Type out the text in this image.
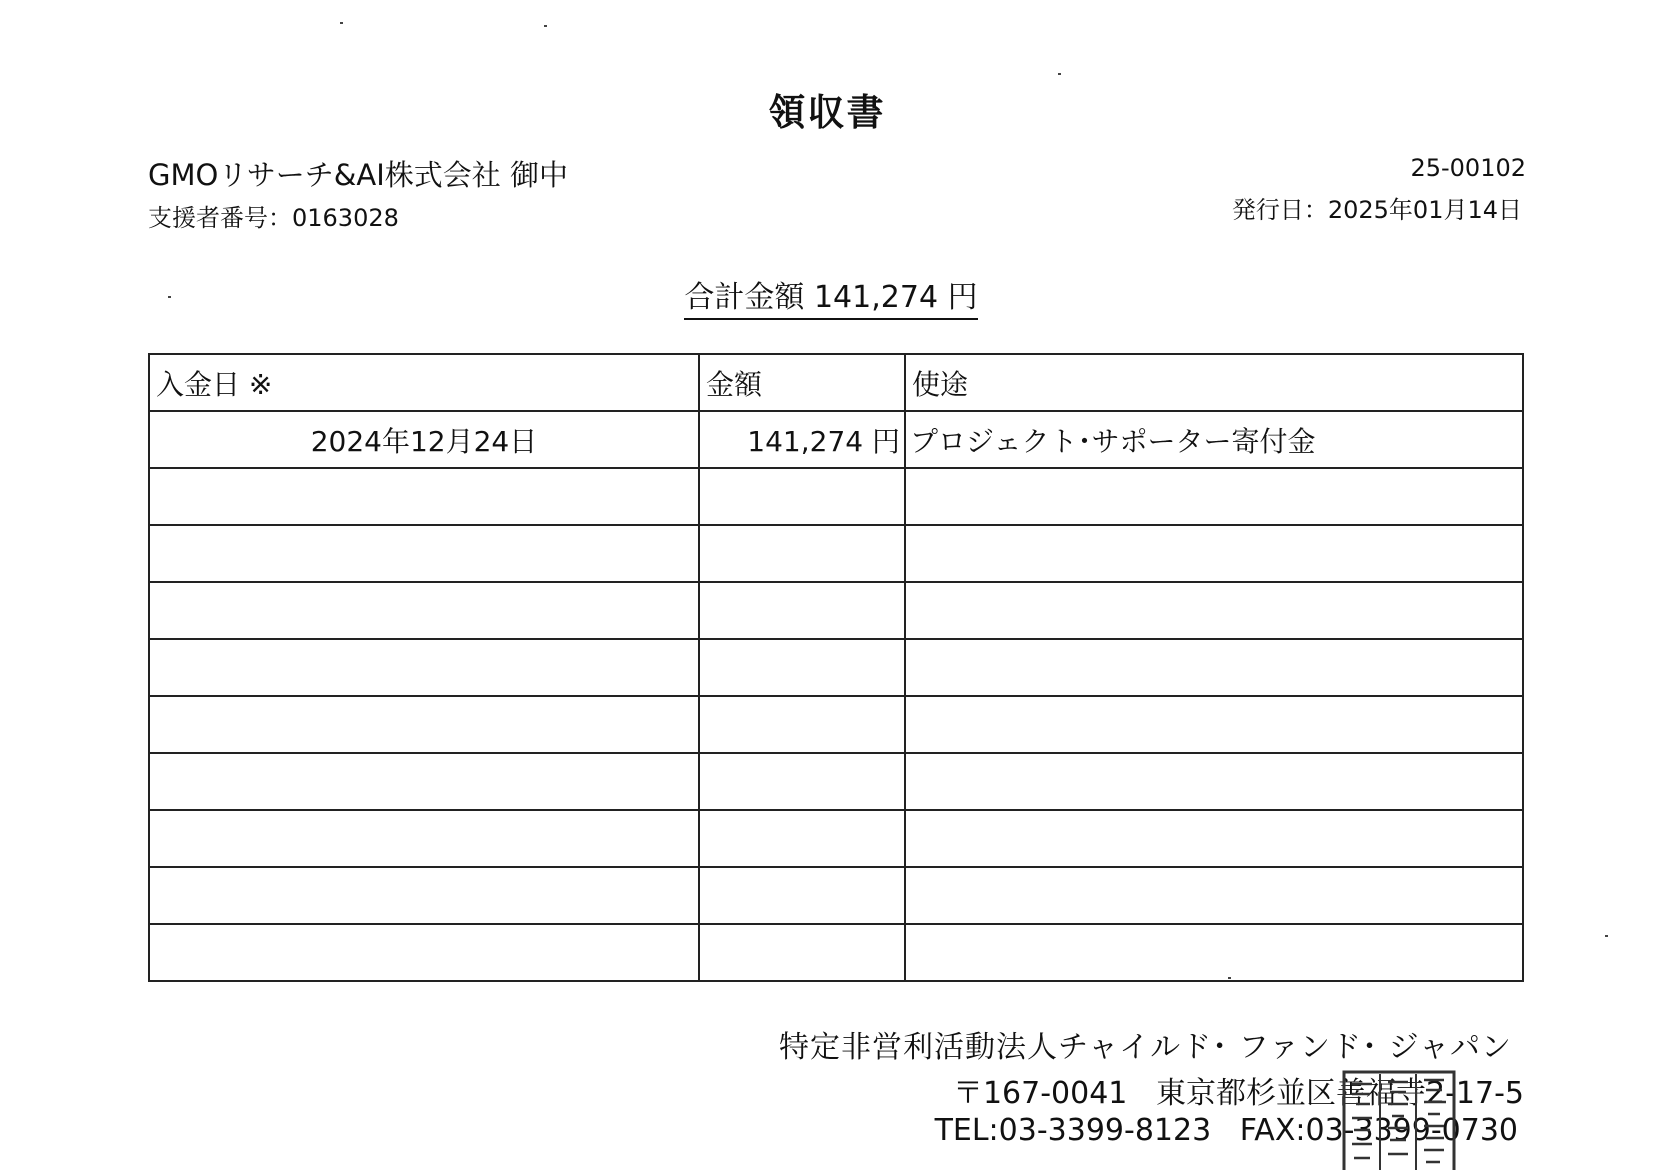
領収書
GMOリサーチ&AI株式会社 御中
支援者番号：0163028
25-00102
発行日：2025年01月14日
合計金額 141,274 円
入金日 ※	金額	使途
2024年12月24日	141,274 円	プロジェクト･サポーター寄付金

特定非営利活動法人チャイルド･ ファンド･ ジャパン
〒167-0041 東京都杉並区善福寺2-17-5
TEL:03-3399-8123 FAX:03-3399-0730
